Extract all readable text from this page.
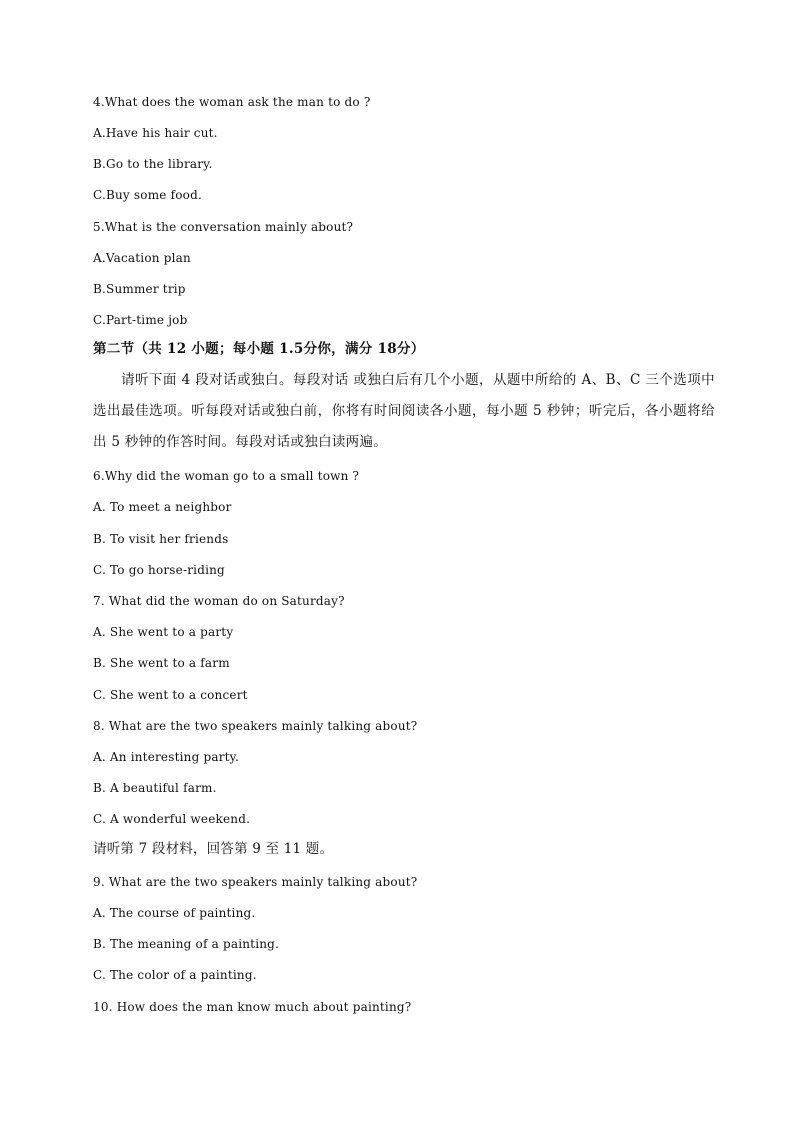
4.What does the woman ask the man to do ?
A.Have his hair cut.
B.Go to the library.
C.Buy some food.
5.What is the conversation mainly about?
A.Vacation plan
B.Summer trip
C.Part-time job
第二节（共 12 小题；每小题 1.5分你，满分 18分）
请听下面 4 段对话或独白。每段对话 或独白后有几个小题，从题中所给的 A、B、C 三个选项中选出最佳选项。听每段对话或独白前，你将有时间阅读各小题，每小题 5 秒钟；听完后，各小题将给出 5 秒钟的作答时间。每段对话或独白读两遍。
6.Why did the woman go to a small town ?
A. To meet a neighbor
B. To visit her friends
C. To go horse-riding
7. What did the woman do on Saturday?
A. She went to a party
B. She went to a farm
C. She went to a concert
8. What are the two speakers mainly talking about?
A. An interesting party.
B. A beautiful farm.
C. A wonderful weekend.
请听第 7 段材料，回答第 9 至 11 题。
9. What are the two speakers mainly talking about?
A. The course of painting.
B. The meaning of a painting.
C. The color of a painting.
10. How does the man know much about painting?
